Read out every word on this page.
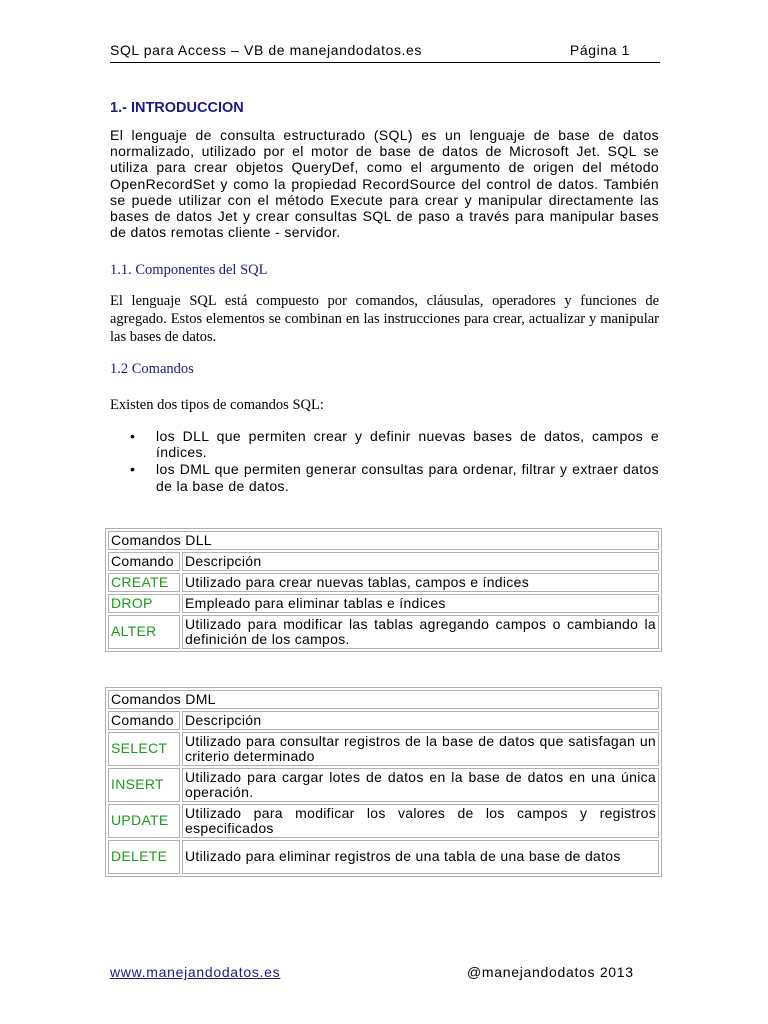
SQL para Access – VB de manejandodatos.es	Página 1
1.- INTRODUCCION

El lenguaje de consulta estructurado (SQL) es un lenguaje de base de datos normalizado, utilizado por el motor de base de datos de Microsoft Jet. SQL se utiliza para crear objetos QueryDef, como el argumento de origen del método OpenRecordSet y como la propiedad RecordSource del control de datos. También se puede utilizar con el método Execute para crear y manipular directamente las bases de datos Jet y crear consultas SQL de paso a través para manipular bases de datos remotas cliente - servidor.

1.1. Componentes del SQL

El lenguaje SQL está compuesto por comandos, cláusulas, operadores y funciones de agregado. Estos elementos se combinan en las instrucciones para crear, actualizar y manipular las bases de datos.

1.2 Comandos

Existen dos tipos de comandos SQL:

• los DLL que permiten crear y definir nuevas bases de datos, campos e índices.
• los DML que permiten generar consultas para ordenar, filtrar y extraer datos de la base de datos.
Comandos DLL	
Comando	Descripción
CREATE	Utilizado para crear nuevas tablas, campos e índices
DROP	Empleado para eliminar tablas e índices
ALTER	Utilizado para modificar las tablas agregando campos o cambiando la definición de los campos.
Comandos DML	
Comando	Descripción
SELECT	Utilizado para consultar registros de la base de datos que satisfagan un criterio determinado
INSERT	Utilizado para cargar lotes de datos en la base de datos en una única operación.
UPDATE	Utilizado para modificar los valores de los campos y registros especificados
DELETE	Utilizado para eliminar registros de una tabla de una base de datos
www.manejandodatos.es	@manejandodatos 2013
